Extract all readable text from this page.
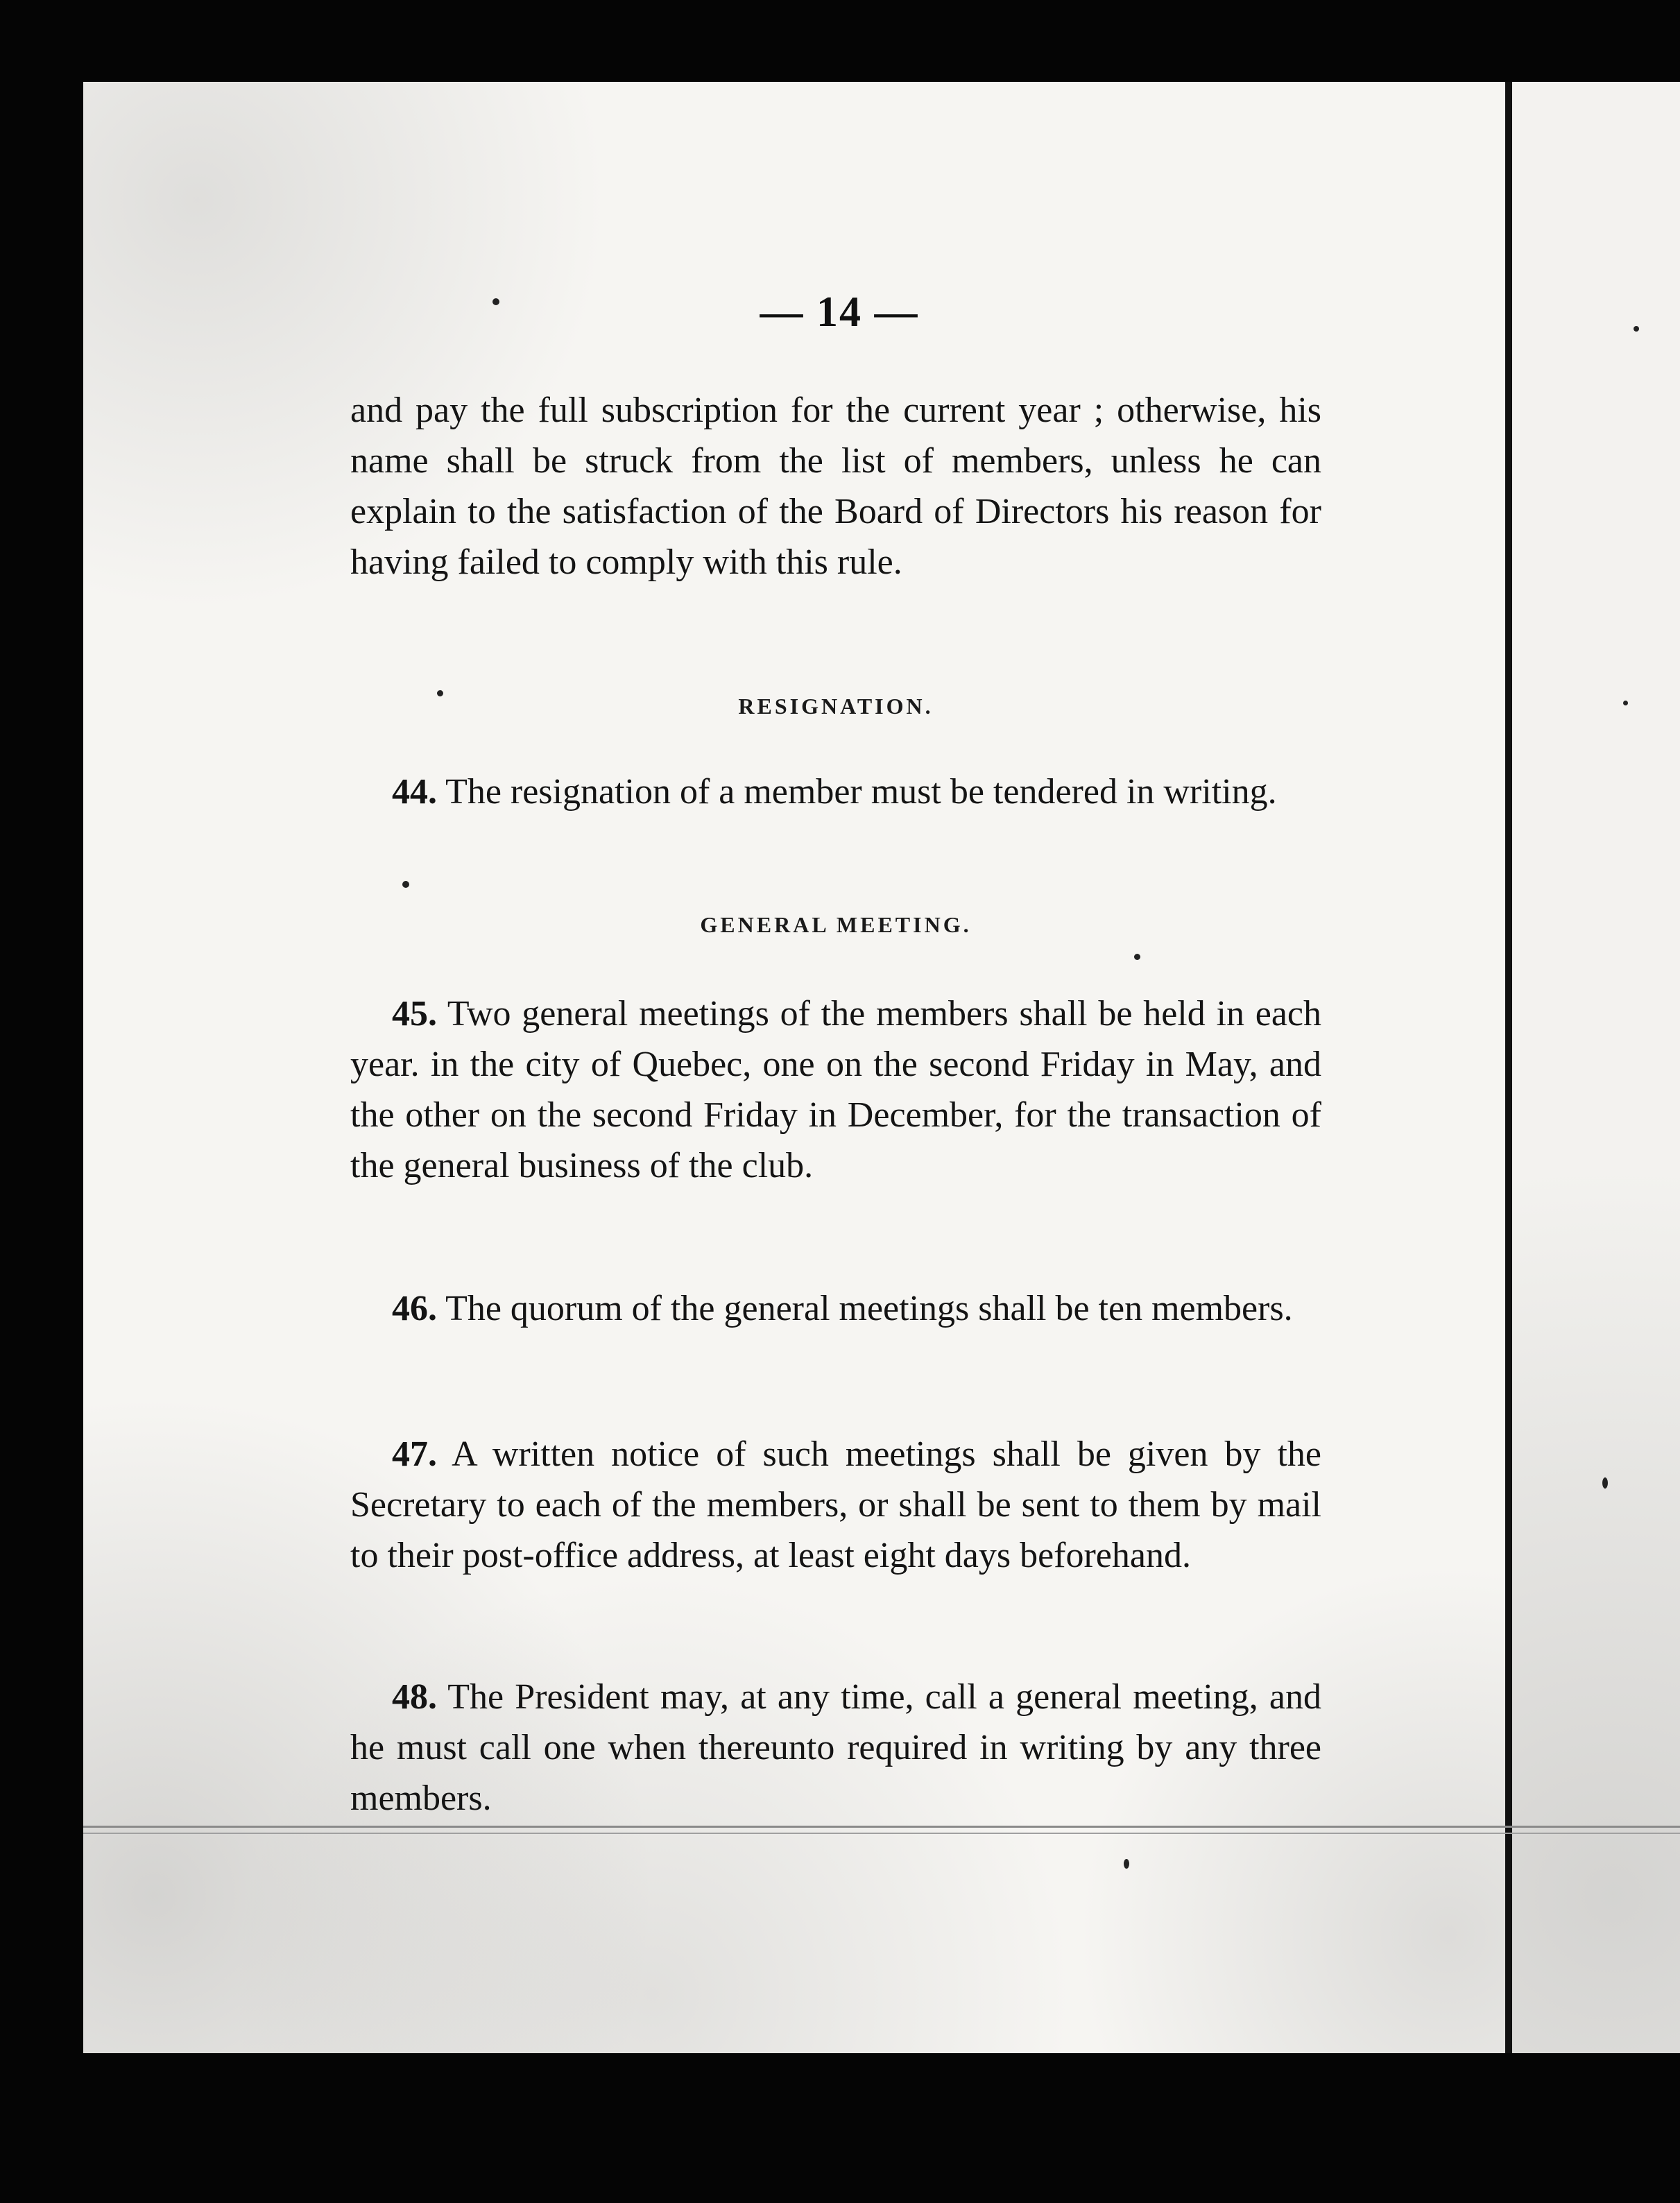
— 14 —
and pay the full subscription for the current year ; otherwise, his name shall be struck from the list of members, unless he can explain to the satisfaction of the Board of Directors his reason for having failed to comply with this rule.
RESIGNATION.
44. The resignation of a member must be tendered in writing.
GENERAL MEETING.
45. Two general meetings of the members shall be held in each year. in the city of Quebec, one on the second Friday in May, and the other on the second Friday in December, for the transaction of the general business of the club.
46. The quorum of the general meetings shall be ten members.
47. A written notice of such meetings shall be given by the Secretary to each of the members, or shall be sent to them by mail to their post-office address, at least eight days beforehand.
48. The President may, at any time, call a general meeting, and he must call one when thereunto required in writing by any three members.
